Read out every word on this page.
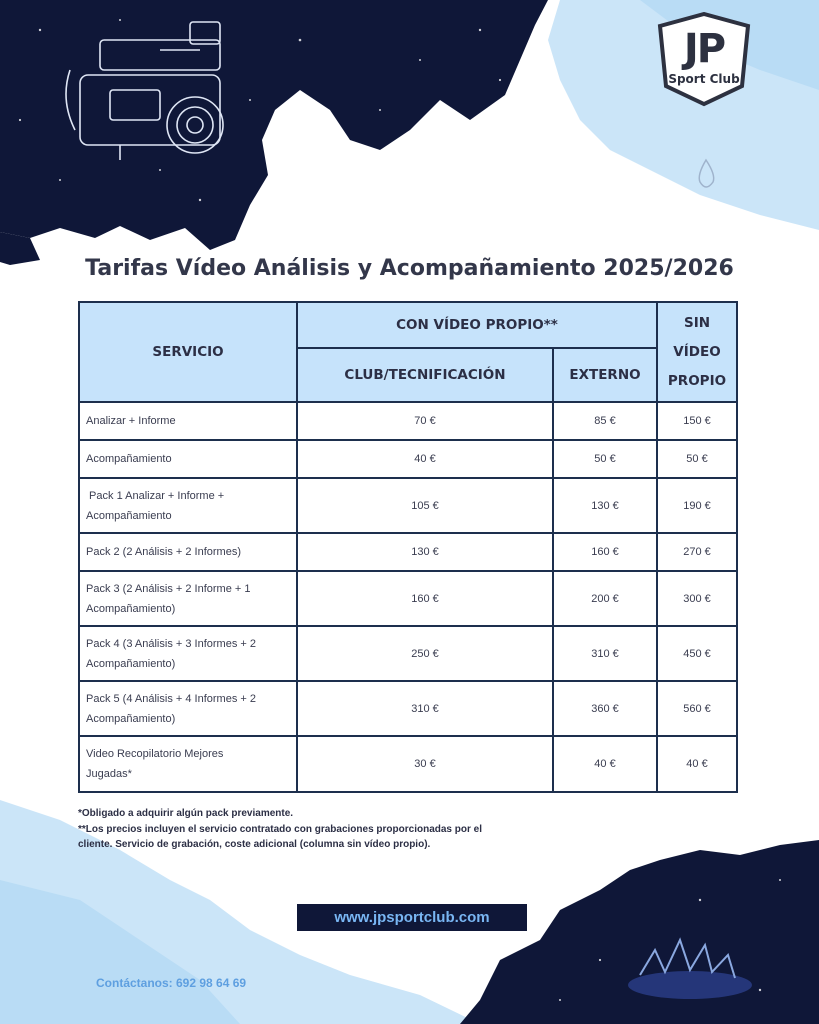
JP
Sport Club
Tarifas Vídeo Análisis y Acompañamiento 2025/2026
SERVICIO	CON VÍDEO PROPIO**		SIN
VÍDEO
PROPIO

	CLUB/TECNIFICACIÓN	EXTERNO	

Analizar + Informe	70 €	85 €	150 €

Acompañamiento	40 €	50 €	50 €

Pack 1 Analizar + Informe +
Acompañamiento	105 €	130 €	190 €

Pack 2 (2 Análisis + 2 Informes)	130 €	160 €	270 €

Pack 3 (2 Análisis + 2 Informe + 1
Acompañamiento)	160 €	200 €	300 €

Pack 4 (3 Análisis + 3 Informes + 2
Acompañamiento)	250 €	310 €	450 €

Pack 5 (4 Análisis + 4 Informes + 2
Acompañamiento)	310 €	360 €	560 €

Video Recopilatorio Mejores
Jugadas*	30 €	40 €	40 €
*Obligado a adquirir algún pack previamente.
**Los precios incluyen el servicio contratado con grabaciones proporcionadas por el
cliente. Servicio de grabación, coste adicional (columna sin vídeo propio).
www.jpsportclub.com
Contáctanos: 692 98 64 69
